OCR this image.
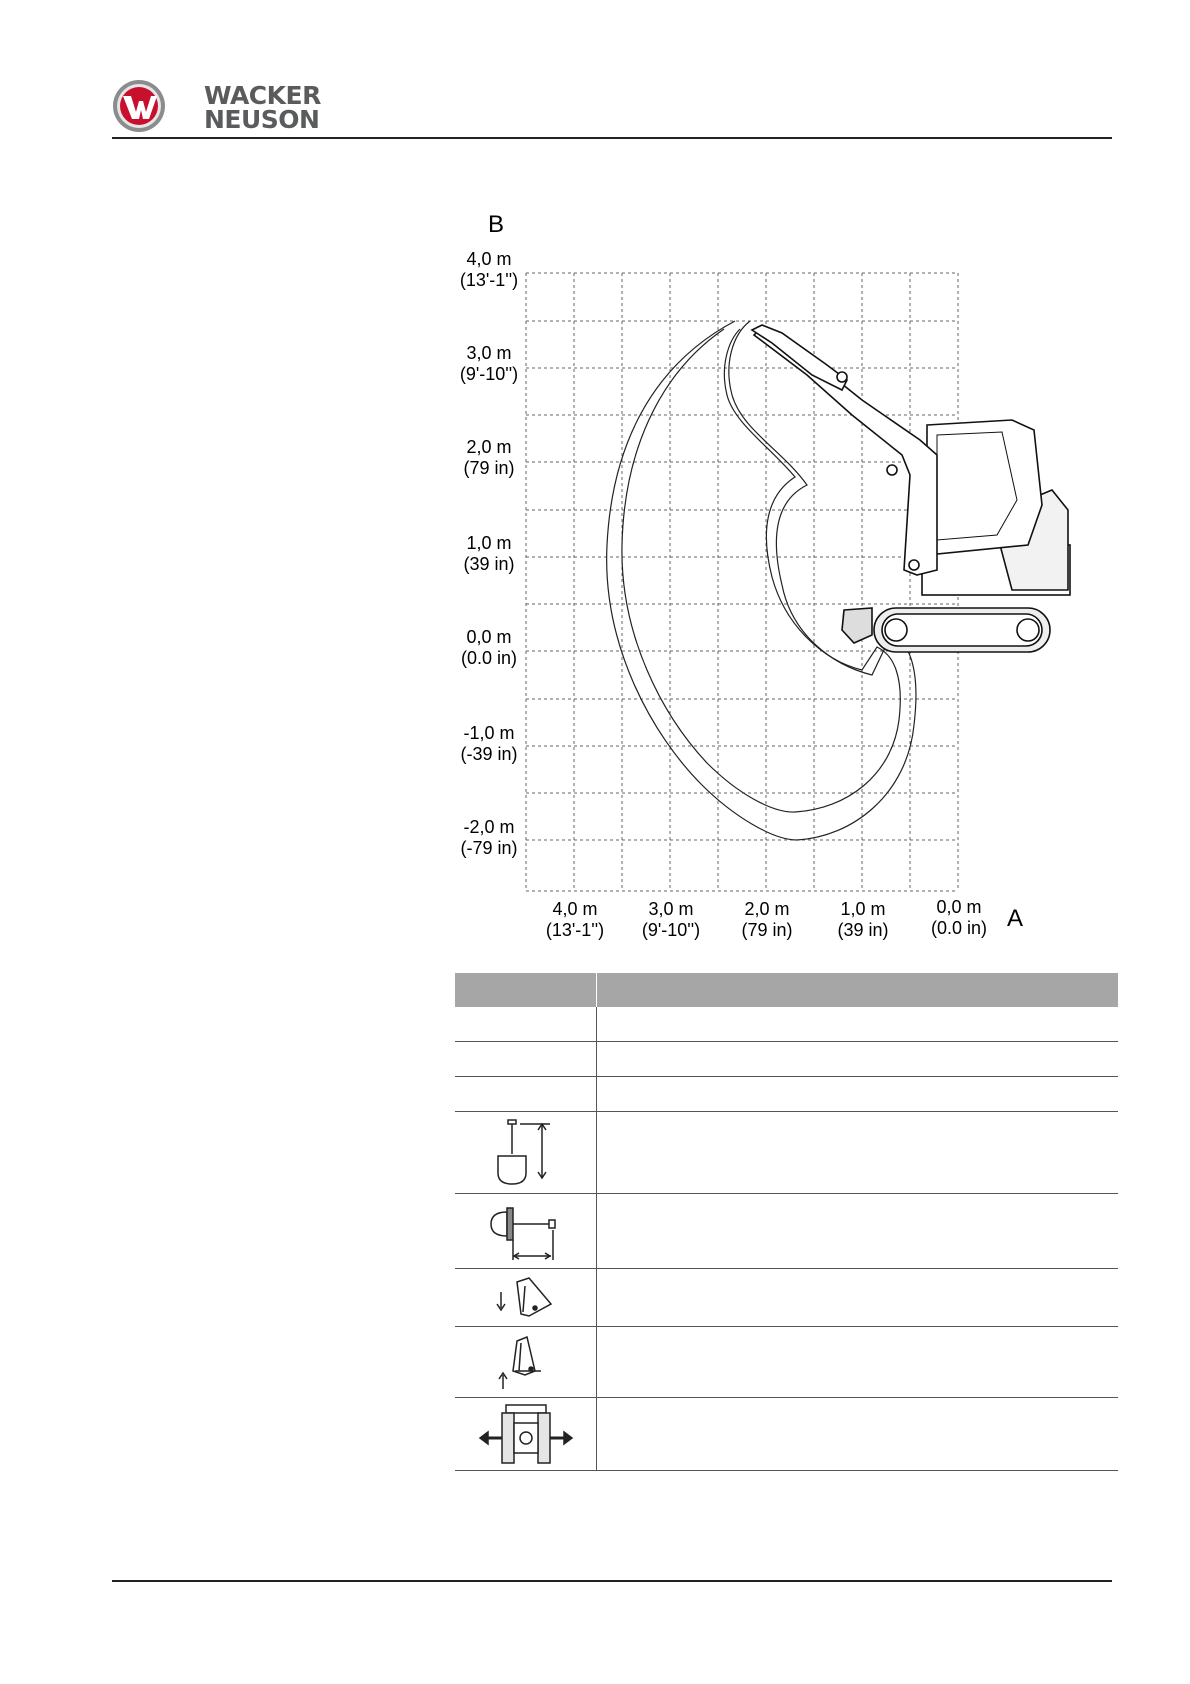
WACKER
NEUSON
B
A
4,0 m
(13'-1'')
3,0 m
(9'-10'')
2,0 m
(79 in)
1,0 m
(39 in)
0,0 m
(0.0 in)
-1,0 m
(-39 in)
-2,0 m
(-79 in)
4,0 m
(13'-1'')
3,0 m
(9'-10'')
2,0 m
(79 in)
1,0 m
(39 in)
0,0 m
(0.0 in)
